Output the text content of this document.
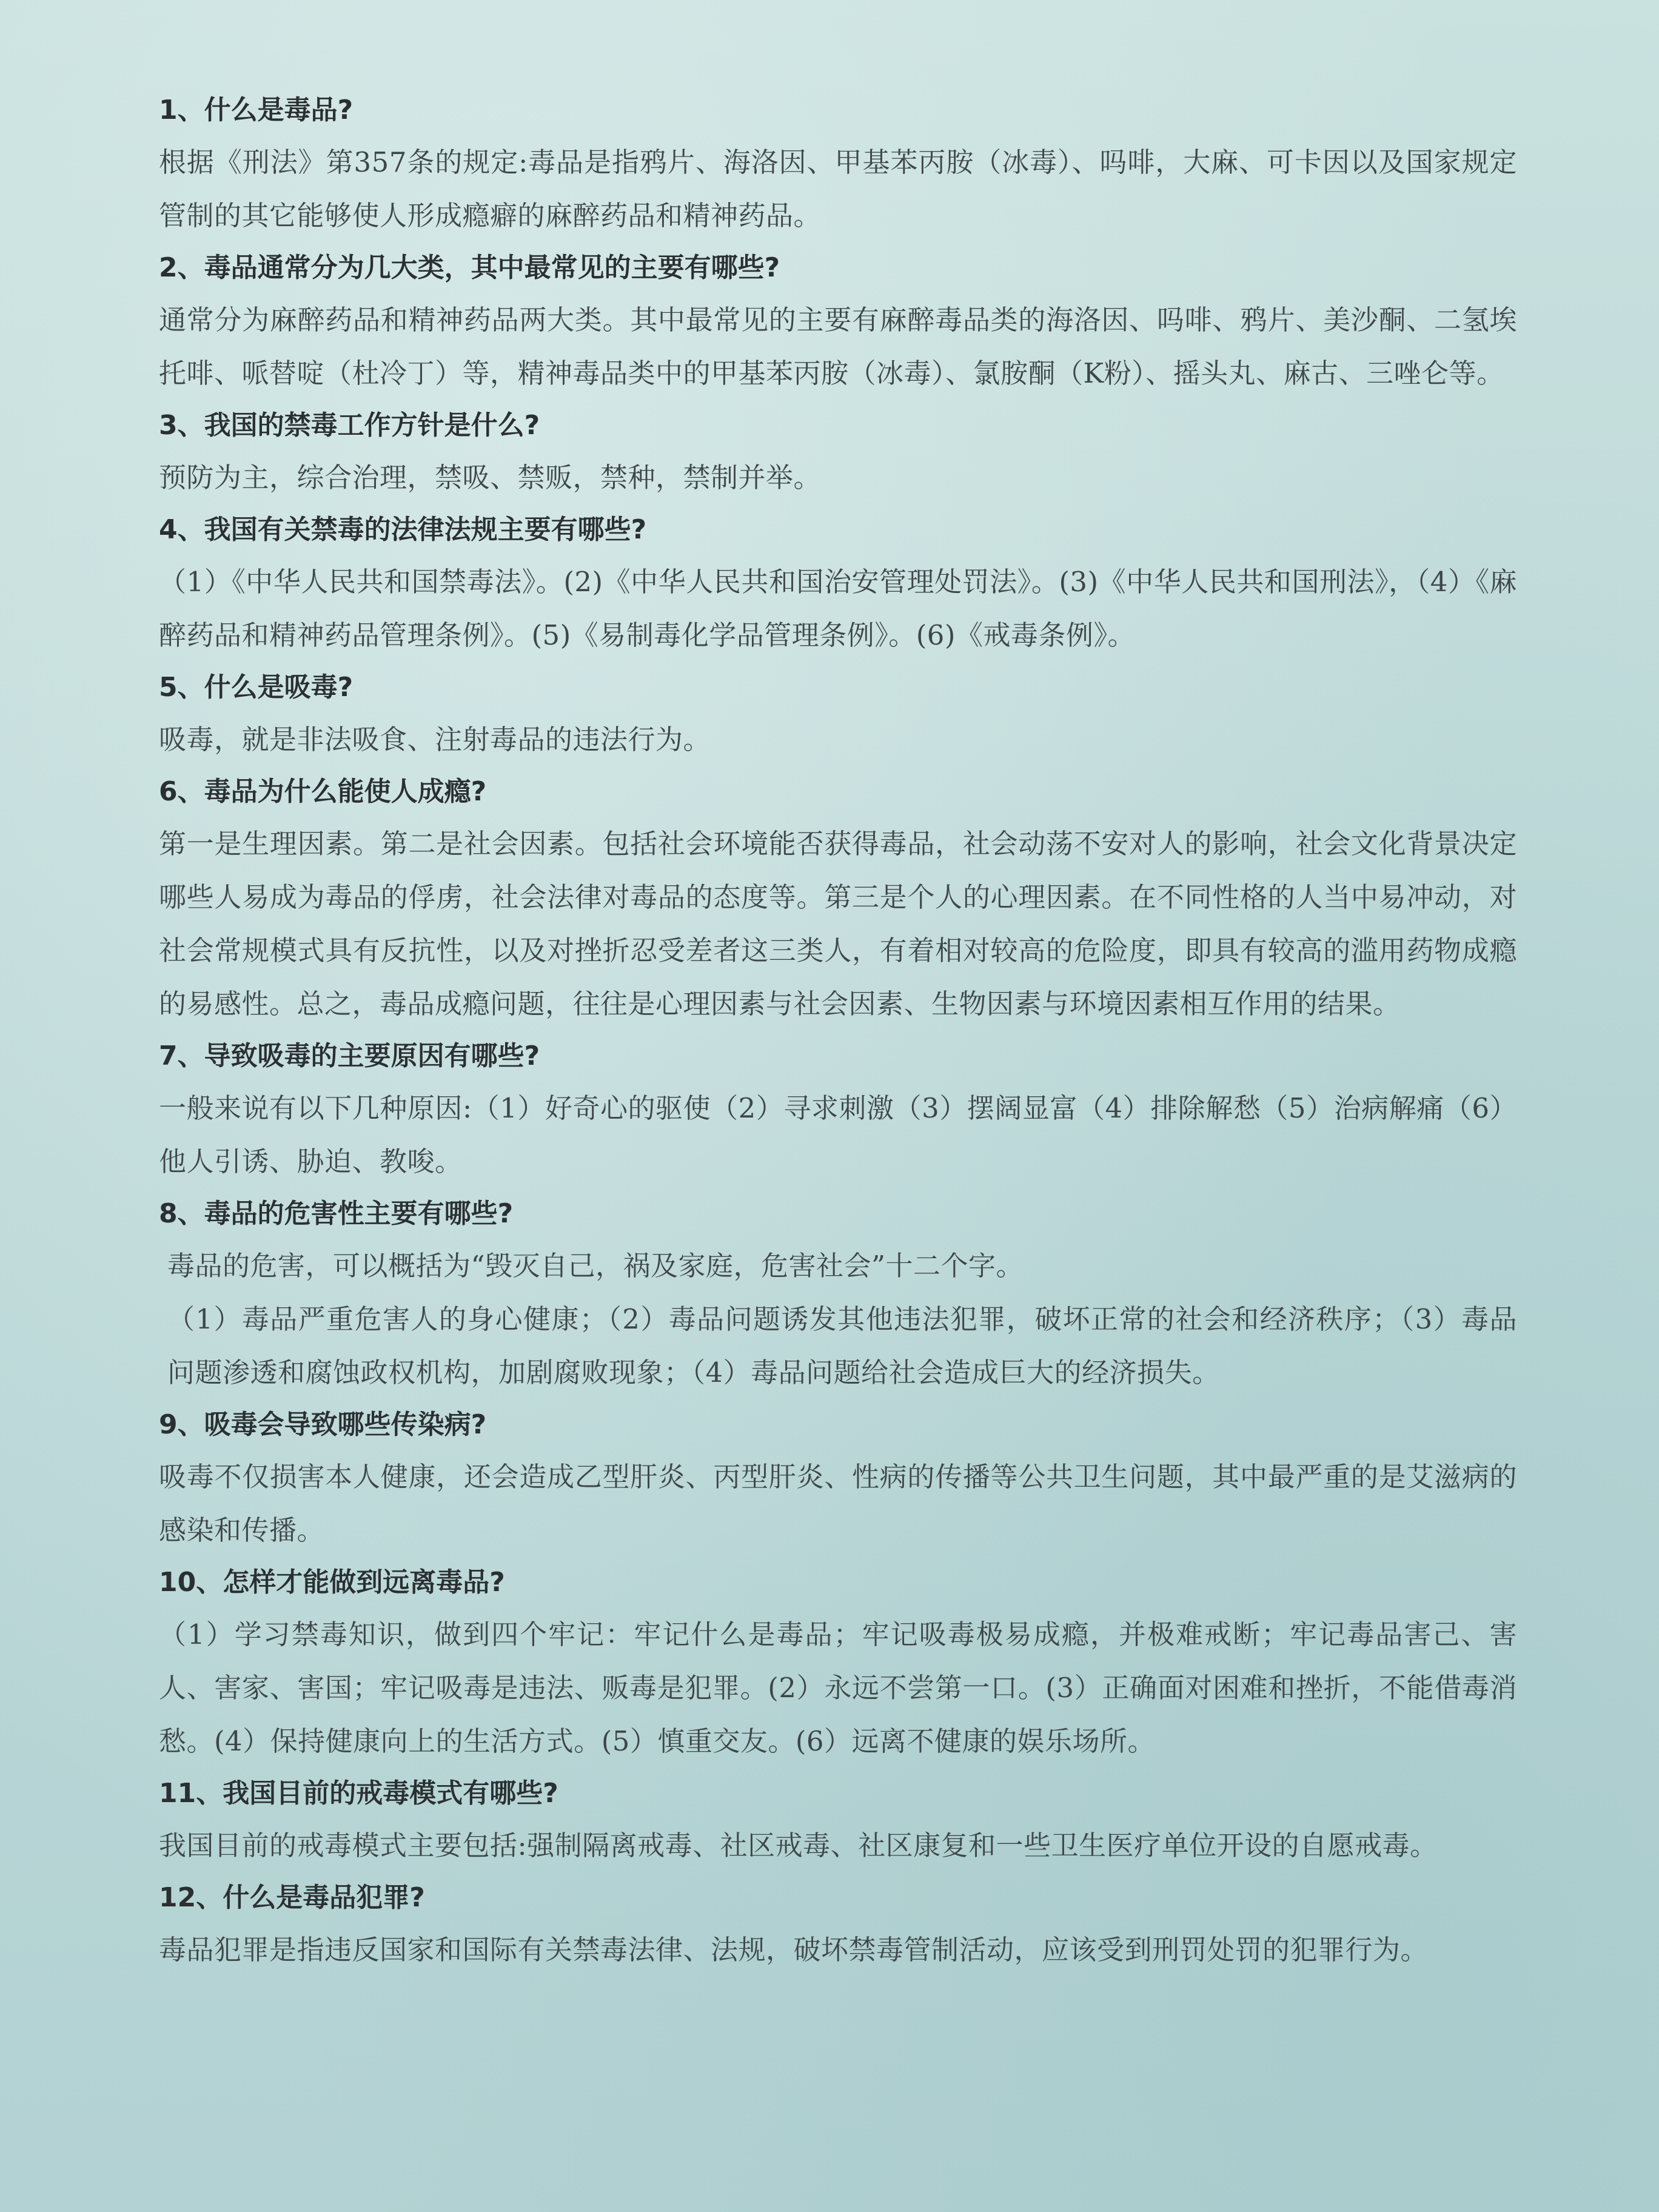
1、什么是毒品?

根据《刑法》第357条的规定:毒品是指鸦片、海洛因、甲基苯丙胺（冰毒）、吗啡，大麻、可卡因以及国家规定管制的其它能够使人形成瘾癖的麻醉药品和精神药品。

2、毒品通常分为几大类，其中最常见的主要有哪些?

通常分为麻醉药品和精神药品两大类。其中最常见的主要有麻醉毒品类的海洛因、吗啡、鸦片、美沙酮、二氢埃托啡、哌替啶（杜冷丁）等，精神毒品类中的甲基苯丙胺（冰毒）、氯胺酮（K粉）、摇头丸、麻古、三唑仑等。

3、我国的禁毒工作方针是什么?

预防为主，综合治理，禁吸、禁贩，禁种，禁制并举。

4、我国有关禁毒的法律法规主要有哪些?

（1）《中华人民共和国禁毒法》。(2)《中华人民共和国治安管理处罚法》。(3)《中华人民共和国刑法》，（4）《麻醉药品和精神药品管理条例》。(5)《易制毒化学品管理条例》。(6)《戒毒条例》。

5、什么是吸毒?

吸毒，就是非法吸食、注射毒品的违法行为。

6、毒品为什么能使人成瘾?

第一是生理因素。第二是社会因素。包括社会环境能否获得毒品，社会动荡不安对人的影响，社会文化背景决定哪些人易成为毒品的俘虏，社会法律对毒品的态度等。第三是个人的心理因素。在不同性格的人当中易冲动，对社会常规模式具有反抗性，以及对挫折忍受差者这三类人，有着相对较高的危险度，即具有较高的滥用药物成瘾的易感性。总之，毒品成瘾问题，往往是心理因素与社会因素、生物因素与环境因素相互作用的结果。

7、导致吸毒的主要原因有哪些?

一般来说有以下几种原因:（1）好奇心的驱使（2）寻求刺激（3）摆阔显富（4）排除解愁（5）治病解痛（6）他人引诱、胁迫、教唆。

8、毒品的危害性主要有哪些?

毒品的危害，可以概括为“毁灭自己，祸及家庭，危害社会”十二个字。

（1）毒品严重危害人的身心健康；（2）毒品问题诱发其他违法犯罪，破坏正常的社会和经济秩序；（3）毒品问题渗透和腐蚀政权机构，加剧腐败现象；（4）毒品问题给社会造成巨大的经济损失。

9、吸毒会导致哪些传染病?

吸毒不仅损害本人健康，还会造成乙型肝炎、丙型肝炎、性病的传播等公共卫生问题，其中最严重的是艾滋病的感染和传播。

10、怎样才能做到远离毒品?

（1）学习禁毒知识，做到四个牢记：牢记什么是毒品；牢记吸毒极易成瘾，并极难戒断；牢记毒品害己、害人、害家、害国；牢记吸毒是违法、贩毒是犯罪。(2）永远不尝第一口。(3）正确面对困难和挫折，不能借毒消愁。(4）保持健康向上的生活方式。(5）慎重交友。(6）远离不健康的娱乐场所。

11、我国目前的戒毒模式有哪些?

我国目前的戒毒模式主要包括:强制隔离戒毒、社区戒毒、社区康复和一些卫生医疗单位开设的自愿戒毒。

12、什么是毒品犯罪?

毒品犯罪是指违反国家和国际有关禁毒法律、法规，破坏禁毒管制活动，应该受到刑罚处罚的犯罪行为。
